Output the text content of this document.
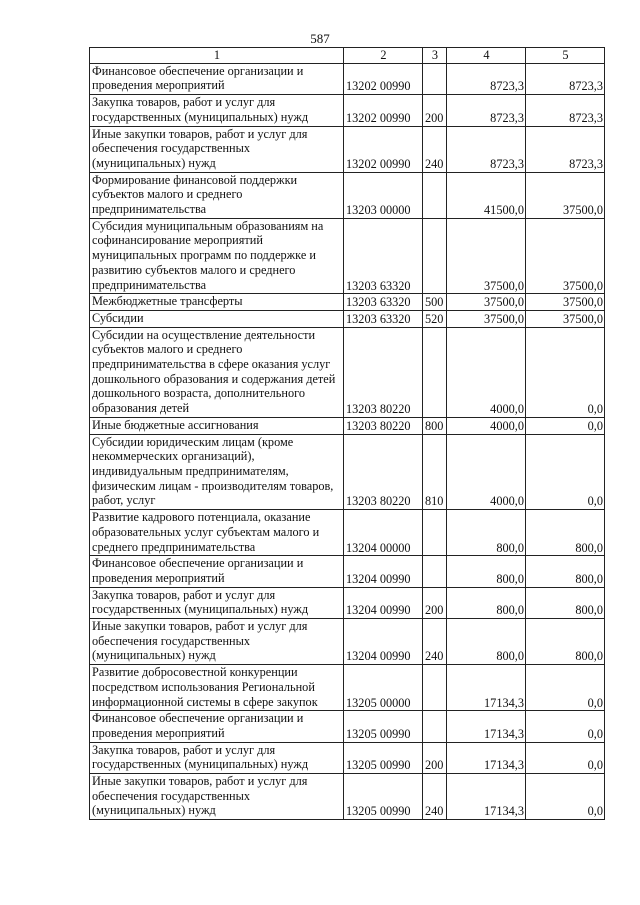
587
1	2	3	4	5
Финансовое обеспечение организации и проведения мероприятий	13202 00990		8723,3	8723,3
Закупка товаров, работ и услуг для государственных (муниципальных) нужд	13202 00990	200	8723,3	8723,3
Иные закупки товаров, работ и услуг для обеспечения государственных (муниципальных) нужд	13202 00990	240	8723,3	8723,3
Формирование финансовой поддержки субъектов малого и среднего предпринимательства	13203 00000		41500,0	37500,0
Субсидия муниципальным образованиям на софинансирование мероприятий муниципальных программ по поддержке и развитию субъектов малого и среднего предпринимательства	13203 63320		37500,0	37500,0
Межбюджетные трансферты	13203 63320	500	37500,0	37500,0
Субсидии	13203 63320	520	37500,0	37500,0
Субсидии на осуществление деятельности субъектов малого и среднего предпринимательства в сфере оказания услуг дошкольного образования и содержания детей дошкольного возраста, дополнительного образования детей	13203 80220		4000,0	0,0
Иные бюджетные ассигнования	13203 80220	800	4000,0	0,0
Субсидии юридическим лицам (кроме некоммерческих организаций), индивидуальным предпринимателям, физическим лицам - производителям товаров, работ, услуг	13203 80220	810	4000,0	0,0
Развитие кадрового потенциала, оказание образовательных услуг субъектам малого и среднего предпринимательства	13204 00000		800,0	800,0
Финансовое обеспечение организации и проведения мероприятий	13204 00990		800,0	800,0
Закупка товаров, работ и услуг для государственных (муниципальных) нужд	13204 00990	200	800,0	800,0
Иные закупки товаров, работ и услуг для обеспечения государственных (муниципальных) нужд	13204 00990	240	800,0	800,0
Развитие добросовестной конкуренции посредством использования Региональной информационной системы в сфере закупок	13205 00000		17134,3	0,0
Финансовое обеспечение организации и проведения мероприятий	13205 00990		17134,3	0,0
Закупка товаров, работ и услуг для государственных (муниципальных) нужд	13205 00990	200	17134,3	0,0
Иные закупки товаров, работ и услуг для обеспечения государственных (муниципальных) нужд	13205 00990	240	17134,3	0,0
